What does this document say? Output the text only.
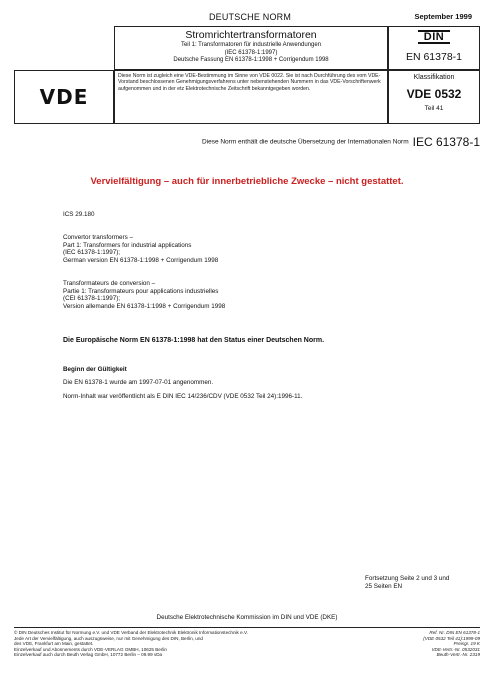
DEUTSCHE NORM	September 1999
Stromrichtertransformatoren
Teil 1: Transformatoren für industrielle Anwendungen
(IEC 61378-1:1997)
Deutsche Fassung EN 61378-1:1998 + Corrigendum 1998
DIN
EN 61378-1
VDE
Diese Norm ist zugleich eine VDE-Bestimmung im Sinne von VDE 0022. Sie ist nach Durchführung des vom VDE-Vorstand beschlossenen Genehmigungsverfahrens unter nebenstehenden Nummern in das VDE-Vorschriftenwerk aufgenommen und in der etz Elektrotechnische Zeitschrift bekanntgegeben worden.
Klassifikation
VDE 0532
Teil 41
Diese Norm enthält die deutsche Übersetzung der Internationalen Norm IEC 61378-1
Vervielfältigung – auch für innerbetriebliche Zwecke – nicht gestattet.
ICS 29.180
Convertor transformers –
Part 1: Transformers for industrial applications
(IEC 61378-1:1997);
German version EN 61378-1:1998 + Corrigendum 1998
Transformateurs de conversion –
Partie 1: Transformateurs pour applications industrielles
(CEI 61378-1:1997);
Version allemande EN 61378-1:1998 + Corrigendum 1998
Die Europäische Norm EN 61378-1:1998 hat den Status einer Deutschen Norm.
Beginn der Gültigkeit
Die EN 61378-1 wurde am 1997-07-01 angenommen.
Norm-Inhalt war veröffentlicht als E DIN IEC 14/236/CDV (VDE 0532 Teil 24):1996-11.
Fortsetzung Seite 2 und 3 und
25 Seiten EN
Deutsche Elektrotechnische Kommission im DIN und VDE (DKE)
© DIN Deutsches Institut für Normung e.V. und VDE Verband der Elektrotechnik Elektronik Informationstechnik e.V.
Jede Art der Vervielfältigung, auch auszugsweise, nur mit Genehmigung des DIN, Berlin, und
des VDE, Frankfurt am Main, gestattet.
Einzelverkauf und Abonnements durch VDE-VERLAG GMBH, 10625 Berlin
Einzelverkauf auch durch Beuth Verlag GmbH, 10772 Berlin – 09.99 vDa
Ref. Nr. DIN EN 61378-1
(VDE 0532 Teil 41):1999-09
Preisgr. 19 K
VDE-Vertr.-Nr. 0532031
Beuth-Vertr.-Nr. 2319
